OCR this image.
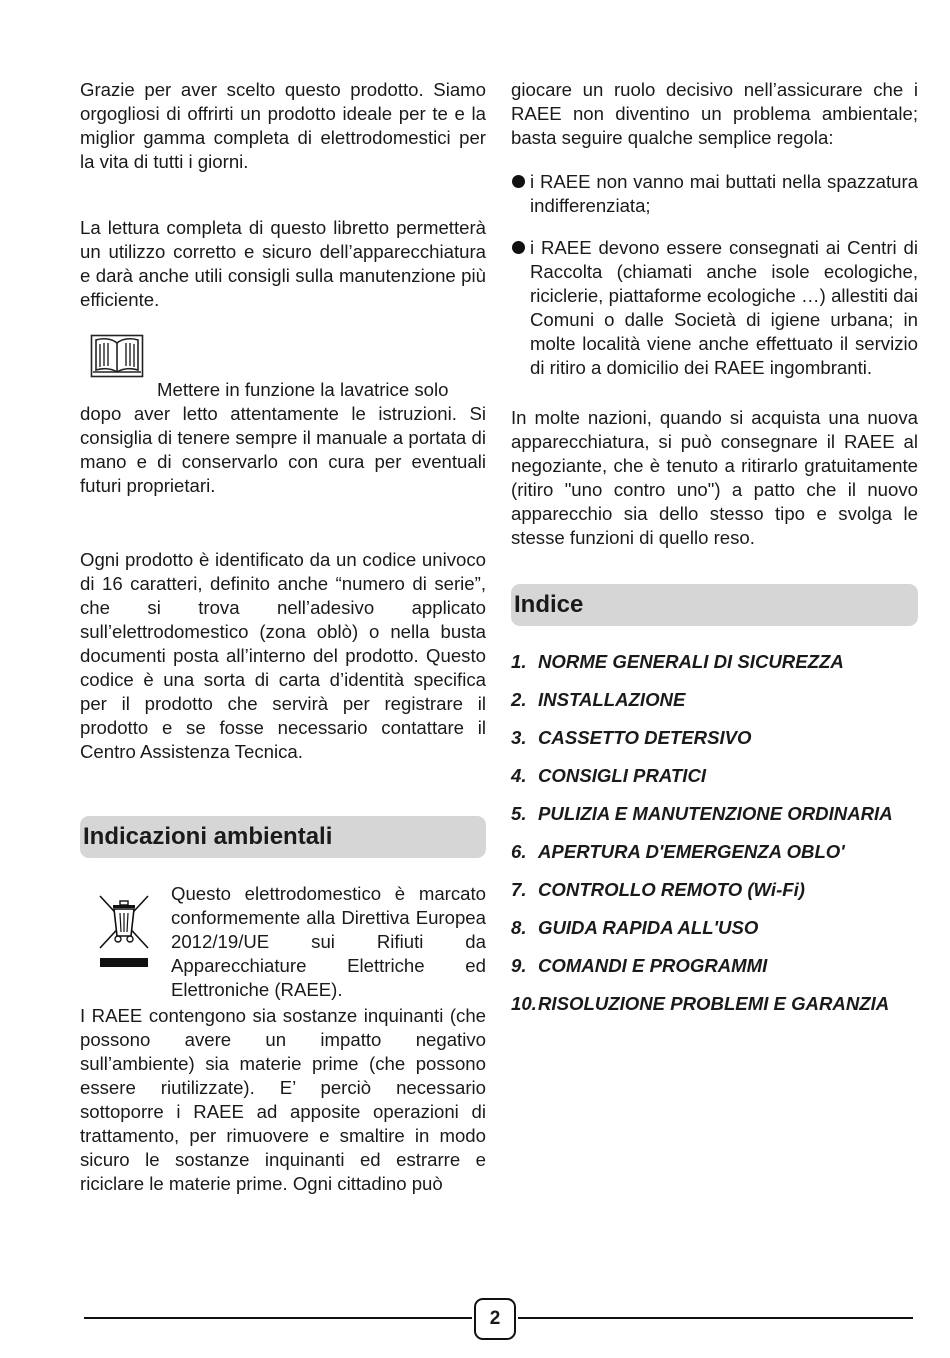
Grazie per aver scelto questo prodotto. Siamo orgogliosi di offrirti un prodotto ideale per te e la miglior gamma completa di elettrodomestici per la vita di tutti i giorni.

La lettura completa di questo libretto permetterà un utilizzo corretto e sicuro dell’apparecchiatura e darà anche utili consigli sulla manutenzione più efficiente.

Mettere in funzione la lavatrice solo

dopo aver letto attentamente le istruzioni. Si consiglia di tenere sempre il manuale a portata di mano e di conservarlo con cura per eventuali futuri proprietari.

Ogni prodotto è identificato da un codice univoco di 16 caratteri, definito anche “numero di serie”, che si trova nell’adesivo applicato sull’elettrodomestico (zona oblò) o nella busta documenti posta all’interno del prodotto. Questo codice è una sorta di carta d’identità specifica per il prodotto che servirà per registrare il prodotto e se fosse necessario contattare il Centro Assistenza Tecnica.

Indicazioni ambientali

Questo elettrodomestico è marcato conformemente alla Direttiva Europea 2012/19/UE sui Rifiuti da Apparecchiature Elettriche ed Elettroniche (RAEE).

I RAEE contengono sia sostanze inquinanti (che possono avere un impatto negativo sull’ambiente) sia materie prime (che possono essere riutilizzate). E’ perciò necessario sottoporre i RAEE ad apposite operazioni di trattamento, per rimuovere e smaltire in modo sicuro le sostanze inquinanti ed estrarre e riciclare le materie prime. Ogni cittadino può

giocare un ruolo decisivo nell’assicurare che i RAEE non diventino un problema ambientale; basta seguire qualche semplice regola:

i RAEE non vanno mai buttati nella spazzatura indifferenziata;

i RAEE devono essere consegnati ai Centri di Raccolta (chiamati anche isole ecologiche, riciclerie, piattaforme ecologiche …) allestiti dai Comuni o dalle Società di igiene urbana; in molte località viene anche effettuato il servizio di ritiro a domicilio dei RAEE ingombranti.

In molte nazioni, quando si acquista una nuova apparecchiatura, si può consegnare il RAEE al negoziante, che è tenuto a ritirarlo gratuitamente (ritiro "uno contro uno") a patto che il nuovo apparecchio sia dello stesso tipo e svolga le stesse funzioni di quello reso.

Indice
1. NORME GENERALI DI SICUREZZA
2. INSTALLAZIONE
3. CASSETTO DETERSIVO
4. CONSIGLI PRATICI
5. PULIZIA E MANUTENZIONE ORDINARIA
6. APERTURA D'EMERGENZA OBLO'
7. CONTROLLO REMOTO (Wi-Fi)
8. GUIDA RAPIDA ALL'USO
9. COMANDI E PROGRAMMI
10. RISOLUZIONE PROBLEMI E GARANZIA
2
